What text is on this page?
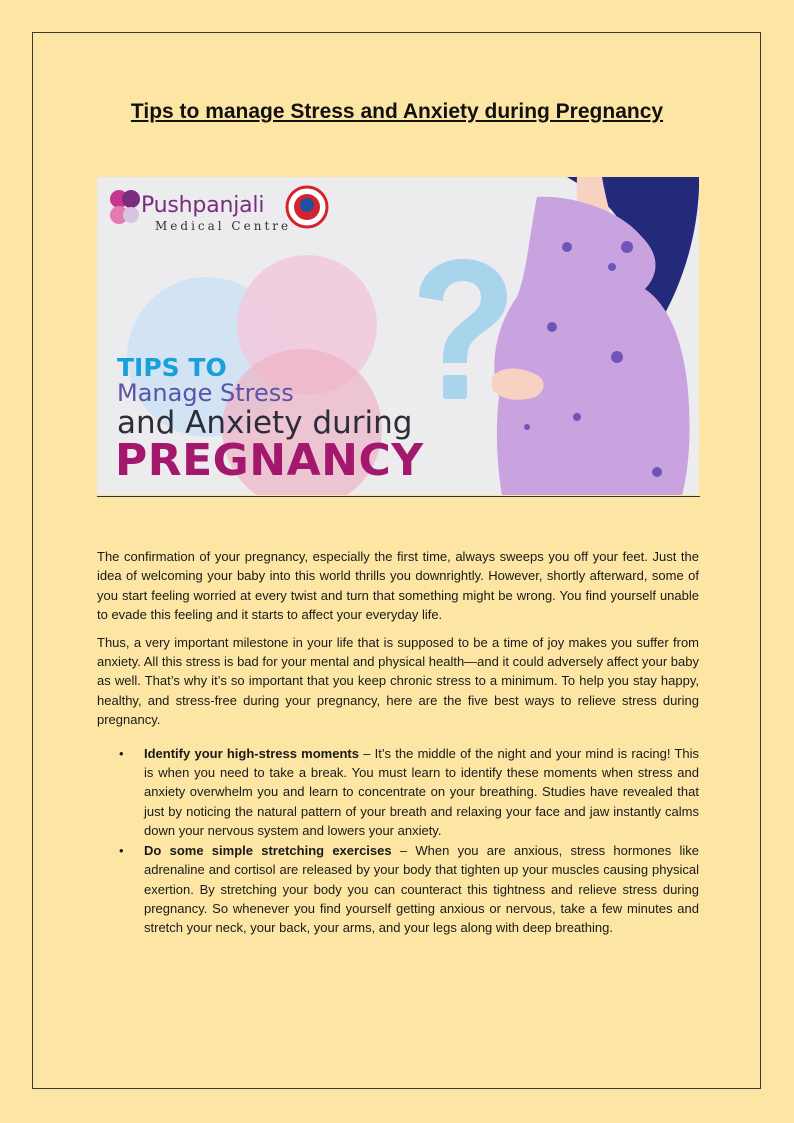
Tips to manage Stress and Anxiety during Pregnancy
Pushpanjali
Medical Centre
TIPS TO
Manage Stress
and Anxiety during
PREGNANCY

The confirmation of your pregnancy, especially the first time, always sweeps you off your feet. Just the idea of welcoming your baby into this world thrills you downrightly. However, shortly afterward, some of you start feeling worried at every twist and turn that something might be wrong. You find yourself unable to evade this feeling and it starts to affect your everyday life.

Thus, a very important milestone in your life that is supposed to be a time of joy makes you suffer from anxiety. All this stress is bad for your mental and physical health—and it could adversely affect your baby as well. That’s why it’s so important that you keep chronic stress to a minimum. To help you stay happy, healthy, and stress-free during your pregnancy, here are the five best ways to relieve stress during pregnancy.

• Identify your high-stress moments – It’s the middle of the night and your mind is racing! This is when you need to take a break. You must learn to identify these moments when stress and anxiety overwhelm you and learn to concentrate on your breathing. Studies have revealed that just by noticing the natural pattern of your breath and relaxing your face and jaw instantly calms down your nervous system and lowers your anxiety.
• Do some simple stretching exercises – When you are anxious, stress hormones like adrenaline and cortisol are released by your body that tighten up your muscles causing physical exertion. By stretching your body you can counteract this tightness and relieve stress during pregnancy. So whenever you find yourself getting anxious or nervous, take a few minutes and stretch your neck, your back, your arms, and your legs along with deep breathing.
